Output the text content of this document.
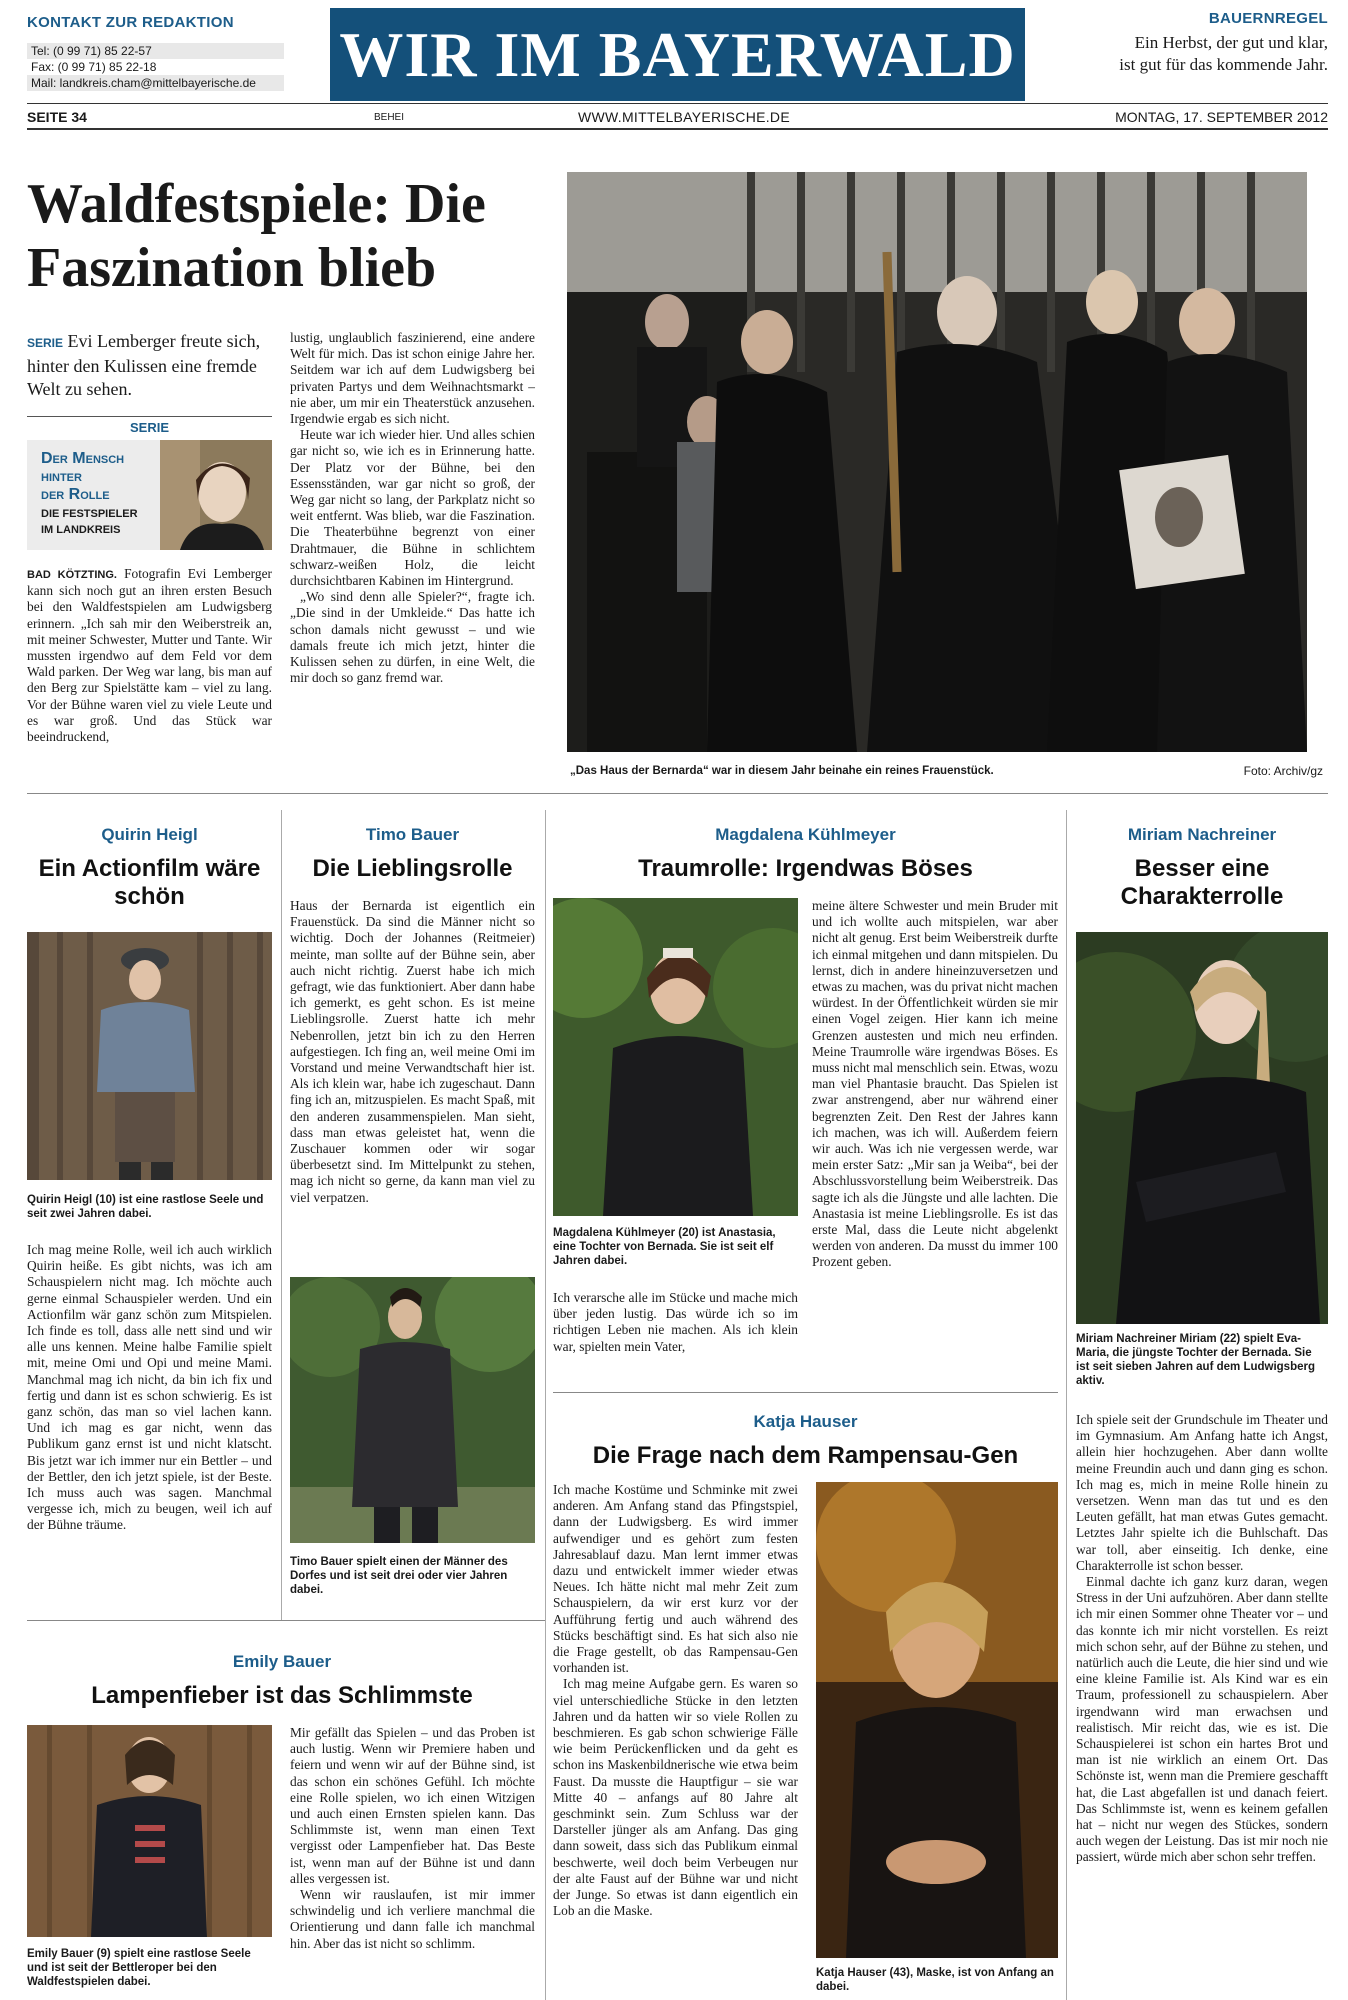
KONTAKT ZUR REDAKTION
Tel: (0 99 71) 85 22-57
Fax: (0 99 71) 85 22-18
Mail: landkreis.cham@mittelbayerische.de	WIR IM BAYERWALD	BAUERNREGEL
Ein Herbst, der gut und klar,
ist gut für das kommende Jahr.
SEITE 34	BEHEI	WWW.MITTELBAYERISCHE.DE	MONTAG, 17. SEPTEMBER 2012
Waldfestspiele: Die
Faszination blieb
SERIE Evi Lemberger freute sich, hinter den Kulissen eine fremde Welt zu sehen.
SERIE
Der Mensch
hinter
der Rolle
DIE FESTSPIELER
IM LANDKREIS

BAD KÖTZTING. Fotografin Evi Lemberger kann sich noch gut an ihren ersten Besuch bei den Waldfestspielen am Ludwigsberg erinnern. „Ich sah mir den Weiberstreik an, mit meiner Schwester, Mutter und Tante. Wir mussten irgendwo auf dem Feld vor dem Wald parken. Der Weg war lang, bis man auf den Berg zur Spielstätte kam – viel zu lang. Vor der Bühne waren viel zu viele Leute und es war groß. Und das Stück war beeindruckend,

lustig, unglaublich faszinierend, eine andere Welt für mich. Das ist schon einige Jahre her. Seitdem war ich auf dem Ludwigsberg bei privaten Partys und dem Weihnachtsmarkt – nie aber, um mir ein Theaterstück anzusehen. Irgendwie ergab es sich nicht.

Heute war ich wieder hier. Und alles schien gar nicht so, wie ich es in Erinnerung hatte. Der Platz vor der Bühne, bei den Essensständen, war gar nicht so groß, der Weg gar nicht so lang, der Parkplatz nicht so weit entfernt. Was blieb, war die Faszination. Die Theaterbühne begrenzt von einer Drahtmauer, die Bühne in schlichtem schwarz-weißen Holz, die leicht durchsichtbaren Kabinen im Hintergrund.

„Wo sind denn alle Spieler?“, fragte ich. „Die sind in der Umkleide.“ Das hatte ich schon damals nicht gewusst – und wie damals freute ich mich jetzt, hinter die Kulissen sehen zu dürfen, in eine Welt, die mir doch so ganz fremd war.

„Das Haus der Bernarda“ war in diesem Jahr beinahe ein reines Frauenstück.	Foto: Archiv/gz
Quirin Heigl
Ein Actionfilm wäre schön
Quirin Heigl (10) ist eine rastlose Seele und seit zwei Jahren dabei.

Ich mag meine Rolle, weil ich auch wirklich Quirin heiße. Es gibt nichts, was ich am Schauspielern nicht mag. Ich möchte auch gerne einmal Schauspieler werden. Und ein Actionfilm wär ganz schön zum Mitspielen. Ich finde es toll, dass alle nett sind und wir alle uns kennen. Meine halbe Familie spielt mit, meine Omi und Opi und meine Mami. Manchmal mag ich nicht, da bin ich fix und fertig und dann ist es schon schwierig. Es ist ganz schön, das man so viel lachen kann. Und ich mag es gar nicht, wenn das Publikum ganz ernst ist und nicht klatscht. Bis jetzt war ich immer nur ein Bettler – und der Bettler, den ich jetzt spiele, ist der Beste. Ich muss auch was sagen. Manchmal vergesse ich, mich zu beugen, weil ich auf der Bühne träume.

Timo Bauer
Die Lieblingsrolle

Haus der Bernarda ist eigentlich ein Frauenstück. Da sind die Männer nicht so wichtig. Doch der Johannes (Reitmeier) meinte, man sollte auf der Bühne sein, aber auch nicht richtig. Zuerst habe ich mich gefragt, wie das funktioniert. Aber dann habe ich gemerkt, es geht schon. Es ist meine Lieblingsrolle. Zuerst hatte ich mehr Nebenrollen, jetzt bin ich zu den Herren aufgestiegen. Ich fing an, weil meine Omi im Vorstand und meine Verwandtschaft hier ist. Als ich klein war, habe ich zugeschaut. Dann fing ich an, mitzuspielen. Es macht Spaß, mit den anderen zusammenspielen. Man sieht, dass man etwas geleistet hat, wenn die Zuschauer kommen oder wir sogar überbesetzt sind. Im Mittelpunkt zu stehen, mag ich nicht so gerne, da kann man viel zu viel verpatzen.

Timo Bauer spielt einen der Männer des Dorfes und ist seit drei oder vier Jahren dabei.
Emily Bauer
Lampenfieber ist das Schlimmste
Emily Bauer (9) spielt eine rastlose Seele und ist seit der Bettleroper bei den Waldfestspielen dabei.

Mir gefällt das Spielen – und das Proben ist auch lustig. Wenn wir Premiere haben und feiern und wenn wir auf der Bühne sind, ist das schon ein schönes Gefühl. Ich möchte eine Rolle spielen, wo ich einen Witzigen und auch einen Ernsten spielen kann. Das Schlimmste ist, wenn man einen Text vergisst oder Lampenfieber hat. Das Beste ist, wenn man auf der Bühne ist und dann alles vergessen ist.

Wenn wir rauslaufen, ist mir immer schwindelig und ich verliere manchmal die Orientierung und dann falle ich manchmal hin. Aber das ist nicht so schlimm.

Magdalena Kühlmeyer
Traumrolle: Irgendwas Böses
Magdalena Kühlmeyer (20) ist Anastasia, eine Tochter von Bernada. Sie ist seit elf Jahren dabei.

Ich verarsche alle im Stücke und mache mich über jeden lustig. Das würde ich so im richtigen Leben nie machen. Als ich klein war, spielten mein Vater,

meine ältere Schwester und mein Bruder mit und ich wollte auch mitspielen, war aber nicht alt genug. Erst beim Weiberstreik durfte ich einmal mitgehen und dann mitspielen. Du lernst, dich in andere hineinzuversetzen und etwas zu machen, was du privat nicht machen würdest. In der Öffentlichkeit würden sie mir einen Vogel zeigen. Hier kann ich meine Grenzen austesten und mich neu erfinden. Meine Traumrolle wäre irgendwas Böses. Es muss nicht mal menschlich sein. Etwas, wozu man viel Phantasie braucht. Das Spielen ist zwar anstrengend, aber nur während einer begrenzten Zeit. Den Rest der Jahres kann ich machen, was ich will. Außerdem feiern wir auch. Was ich nie vergessen werde, war mein erster Satz: „Mir san ja Weiba“, bei der Abschlussvorstellung beim Weiberstreik. Das sagte ich als die Jüngste und alle lachten. Die Anastasia ist meine Lieblingsrolle. Es ist das erste Mal, dass die Leute nicht abgelenkt werden von anderen. Da musst du immer 100 Prozent geben.

Katja Hauser
Die Frage nach dem Rampensau-Gen

Ich mache Kostüme und Schminke mit zwei anderen. Am Anfang stand das Pfingstspiel, dann der Ludwigsberg. Es wird immer aufwendiger und es gehört zum festen Jahresablauf dazu. Man lernt immer etwas dazu und entwickelt immer wieder etwas Neues. Ich hätte nicht mal mehr Zeit zum Schauspielern, da wir erst kurz vor der Aufführung fertig und auch während des Stücks beschäftigt sind. Es hat sich also nie die Frage gestellt, ob das Rampensau-Gen vorhanden ist.

Ich mag meine Aufgabe gern. Es waren so viel unterschiedliche Stücke in den letzten Jahren und da hatten wir so viele Rollen zu beschmieren. Es gab schon schwierige Fälle wie beim Perückenflicken und da geht es schon ins Maskenbildnerische wie etwa beim Faust. Da musste die Hauptfigur – sie war Mitte 40 – anfangs auf 80 Jahre alt geschminkt sein. Zum Schluss war der Darsteller jünger als am Anfang. Das ging dann soweit, dass sich das Publikum einmal beschwerte, weil doch beim Verbeugen nur der alte Faust auf der Bühne war und nicht der Junge. So etwas ist dann eigentlich ein Lob an die Maske.

Katja Hauser (43), Maske, ist von Anfang an dabei.
Miriam Nachreiner
Besser eine Charakterrolle
Miriam Nachreiner Miriam (22) spielt Eva-Maria, die jüngste Tochter der Bernada. Sie ist seit sieben Jahren auf dem Ludwigsberg aktiv.

Ich spiele seit der Grundschule im Theater und im Gymnasium. Am Anfang hatte ich Angst, allein hier hochzugehen. Aber dann wollte meine Freundin auch und dann ging es schon. Ich mag es, mich in meine Rolle hinein zu versetzen. Wenn man das tut und es den Leuten gefällt, hat man etwas Gutes gemacht. Letztes Jahr spielte ich die Buhlschaft. Das war toll, aber einseitig. Ich denke, eine Charakterrolle ist schon besser.

Einmal dachte ich ganz kurz daran, wegen Stress in der Uni aufzuhören. Aber dann stellte ich mir einen Sommer ohne Theater vor – und das konnte ich mir nicht vorstellen. Es reizt mich schon sehr, auf der Bühne zu stehen, und natürlich auch die Leute, die hier sind und wie eine kleine Familie ist. Als Kind war es ein Traum, professionell zu schauspielern. Aber irgendwann wird man erwachsen und realistisch. Mir reicht das, wie es ist. Die Schauspielerei ist schon ein hartes Brot und man ist nie wirklich an einem Ort. Das Schönste ist, wenn man die Premiere geschafft hat, die Last abgefallen ist und danach feiert. Das Schlimmste ist, wenn es keinem gefallen hat – nicht nur wegen des Stückes, sondern auch wegen der Leistung. Das ist mir noch nie passiert, würde mich aber schon sehr treffen.
